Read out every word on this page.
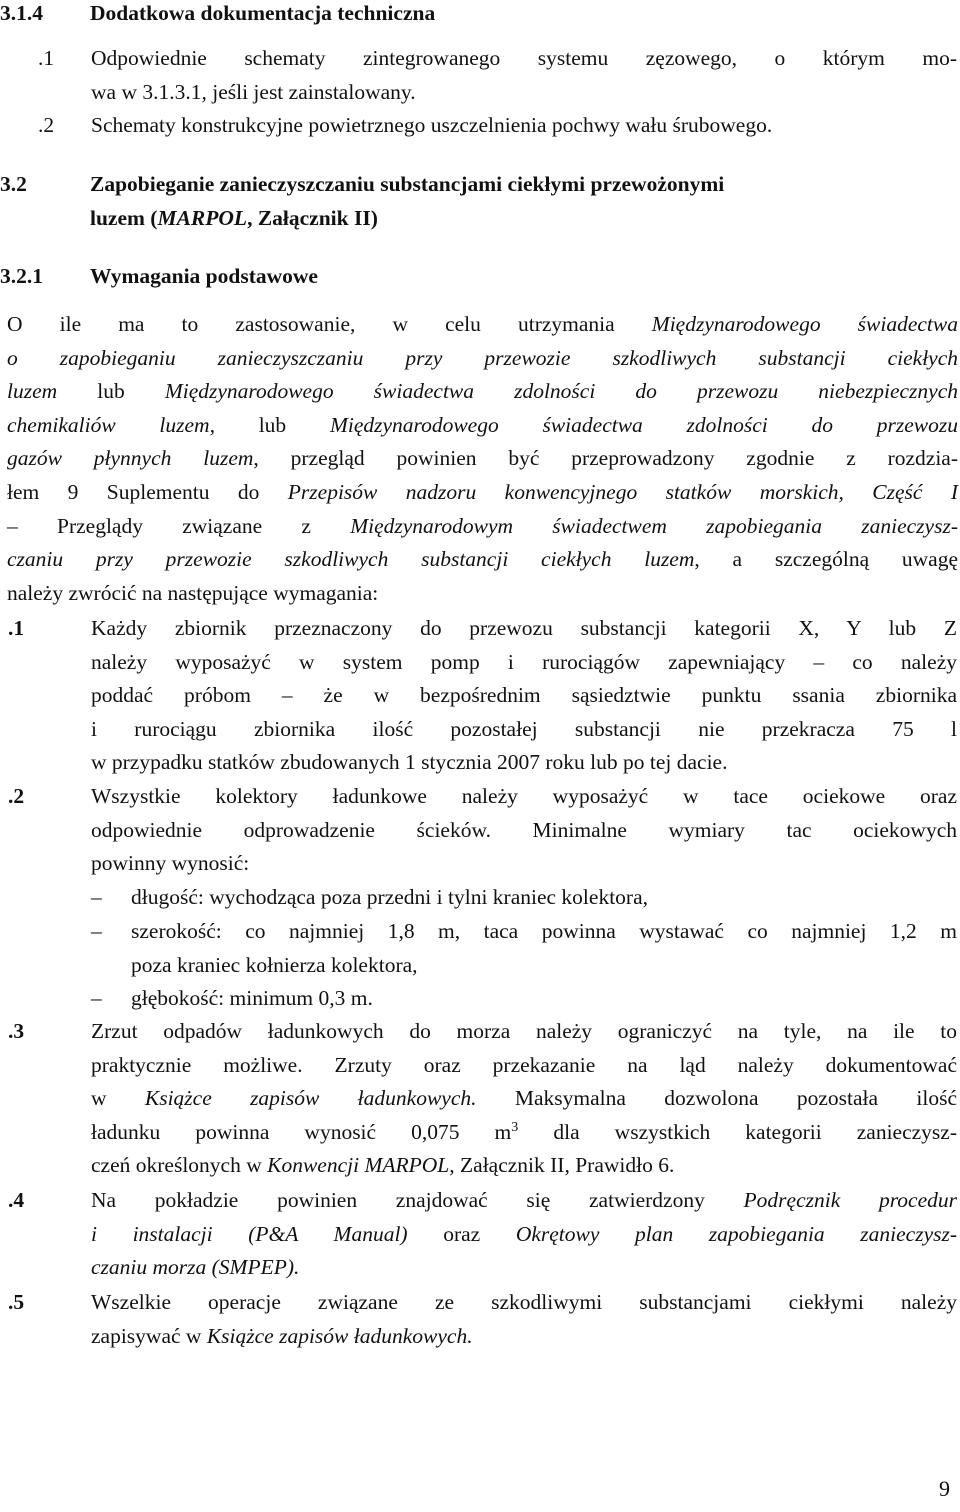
3.1.4 Dodatkowa dokumentacja techniczna
.1 Odpowiednie schematy zintegrowanego systemu zęzowego, o którym mo-
wa w 3.1.3.1, jeśli jest zainstalowany.
.2 Schematy konstrukcyjne powietrznego uszczelnienia pochwy wału śrubowego.
3.2	Zapobieganie zanieczyszczaniu substancjami ciekłymi przewożonymi
luzem (MARPOL, Załącznik II)
3.2.1 Wymagania podstawowe
O ile ma to zastosowanie, w celu utrzymania Międzynarodowego świadectwa
o zapobieganiu zanieczyszczaniu przy przewozie szkodliwych substancji ciekłych
luzem lub Międzynarodowego świadectwa zdolności do przewozu niebezpiecznych
chemikaliów luzem, lub Międzynarodowego świadectwa zdolności do przewozu
gazów płynnych luzem, przegląd powinien być przeprowadzony zgodnie z rozdzia-
łem 9 Suplementu do Przepisów nadzoru konwencyjnego statków morskich, Część I
– Przeglądy związane z Międzynarodowym świadectwem zapobiegania zanieczysz-
czaniu przy przewozie szkodliwych substancji ciekłych luzem, a szczególną uwagę
należy zwrócić na następujące wymagania:
.1	Każdy zbiornik przeznaczony do przewozu substancji kategorii X, Y lub Z
należy wyposażyć w system pomp i rurociągów zapewniający – co należy
poddać próbom – że w bezpośrednim sąsiedztwie punktu ssania zbiornika
i rurociągu zbiornika ilość pozostałej substancji nie przekracza 75 l
w przypadku statków zbudowanych 1 stycznia 2007 roku lub po tej dacie.
.2	Wszystkie kolektory ładunkowe należy wyposażyć w tace ociekowe oraz
odpowiednie odprowadzenie ścieków. Minimalne wymiary tac ociekowych
powinny wynosić:
– długość: wychodząca poza przedni i tylni kraniec kolektora,
– szerokość: co najmniej 1,8 m, taca powinna wystawać co najmniej 1,2 m
poza kraniec kołnierza kolektora,
– głębokość: minimum 0,3 m.
.3	Zrzut odpadów ładunkowych do morza należy ograniczyć na tyle, na ile to
praktycznie możliwe. Zrzuty oraz przekazanie na ląd należy dokumentować
w Książce zapisów ładunkowych. Maksymalna dozwolona pozostała ilość
ładunku powinna wynosić 0,075 $m^3$ dla wszystkich kategorii zanieczysz-
czeń określonych w Konwencji MARPOL, Załącznik II, Prawidło 6.
.4	Na pokładzie powinien znajdować się zatwierdzony Podręcznik procedur
i instalacji (P&A Manual) oraz Okrętowy plan zapobiegania zanieczysz-
czaniu morza (SMPEP).
.5	Wszelkie operacje związane ze szkodliwymi substancjami ciekłymi należy
zapisywać w Książce zapisów ładunkowych.
9
